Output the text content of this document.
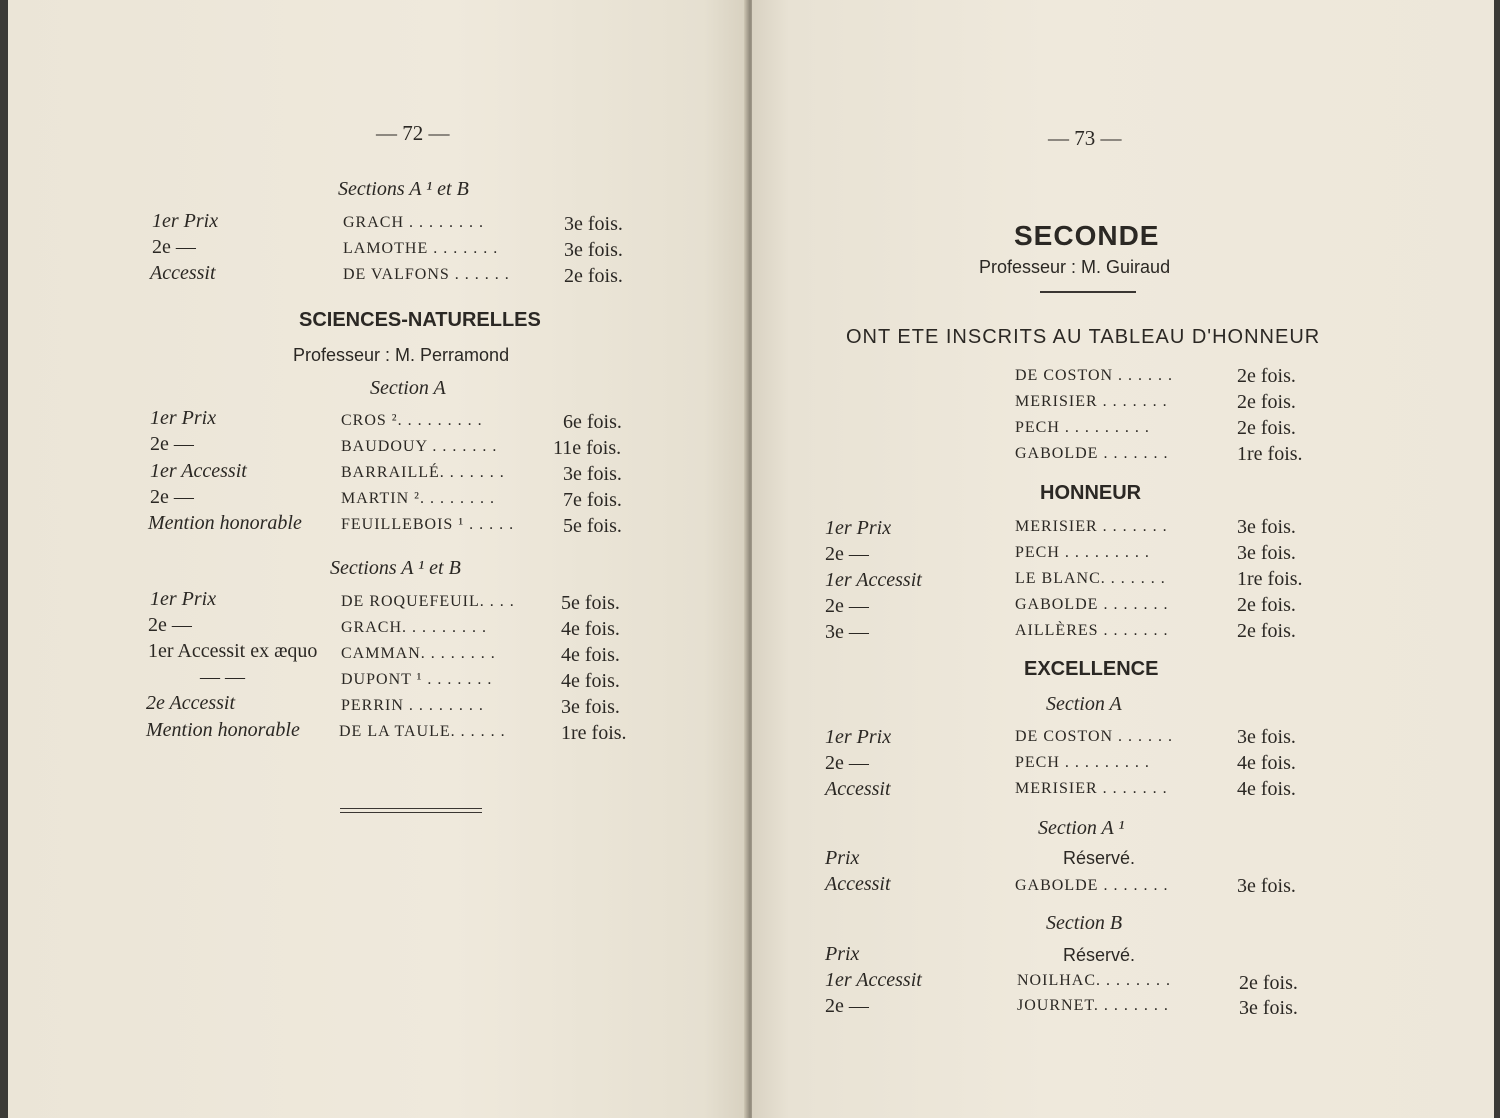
— 72 —
Sections A ¹ et B
1er Prix	GRACH . . . . . . . .	3e fois.
2e —	LAMOTHE . . . . . . .	3e fois.
Accessit	DE VALFONS . . . . . .	2e fois.
SCIENCES-NATURELLES
Professeur : M. Perramond
Section A
1er Prix	CROS ². . . . . . . . .	6e fois.
2e —	BAUDOUY . . . . . . .	11e fois.
1er Accessit	BARRAILLÉ. . . . . . .	3e fois.
2e —	MARTIN ². . . . . . . .	7e fois.
Mention honorable FEUILLEBOIS ¹ . . . . . 5e fois.
Sections A ¹ et B
1er Prix	DE ROQUEFEUIL. . . . 5e fois.
2e —	GRACH. . . . . . . . .	4e fois.
1er Accessit ex æquo CAMMAN. . . . . . . .	4e fois.
— —	DUPONT ¹ . . . . . . .	4e fois.
2e Accessit	PERRIN . . . . . . . .	3e fois.
Mention honorable DE LA TAULE. . . . . .	1re fois.
— 73 —
SECONDE
Professeur : M. Guiraud
ONT ETE INSCRITS AU TABLEAU D'HONNEUR
DE COSTON . . . . . .	2e fois.
MERISIER . . . . . . .	2e fois.
PECH . . . . . . . . .	2e fois.
GABOLDE . . . . . . .	1re fois.
HONNEUR
1er Prix	MERISIER . . . . . . .	3e fois.
2e —	PECH . . . . . . . . .	3e fois.
1er Accessit	LE BLANC. . . . . . .	1re fois.
2e —	GABOLDE . . . . . . .	2e fois.
3e —	AILLÈRES . . . . . . .	2e fois.
EXCELLENCE
Section A
1er Prix	DE COSTON . . . . . .	3e fois.
2e —	PECH . . . . . . . . .	4e fois.
Accessit	MERISIER . . . . . . .	4e fois.
Section A ¹
Prix	Réservé.
Accessit	GABOLDE . . . . . . .	3e fois.
Section B
Prix	Réservé.
1er Accessit	NOILHAC. . . . . . . .	2e fois.
2e —	JOURNET. . . . . . . .	3e fois.
